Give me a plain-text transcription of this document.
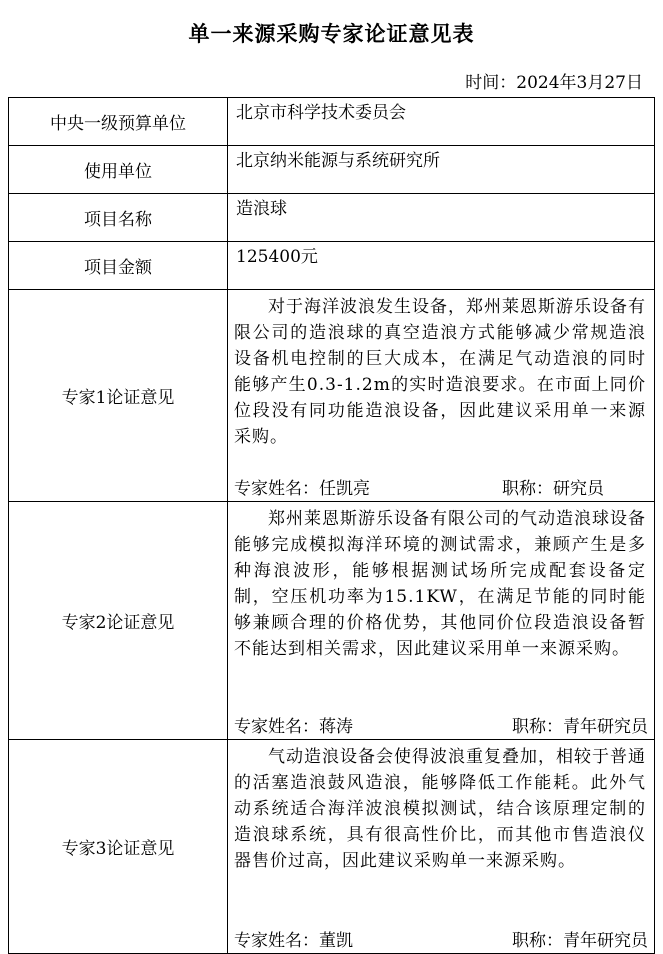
单一来源采购专家论证意见表
时间：2024年3月27日
中央一级预算单位	北京市科学技术委员会
使用单位	北京纳米能源与系统研究所
项目名称	造浪球
项目金额	125400元
专家1论证意见	对于海洋波浪发生设备，郑州莱恩斯游乐设备有限公司的造浪球的真空造浪方式能够减少常规造浪设备机电控制的巨大成本，在满足气动造浪的同时能够产生0.3-1.2m的实时造浪要求。在市面上同价位段没有同功能造浪设备，因此建议采用单一来源采购。
专家姓名：任凯亮 职称：研究员

专家2论证意见	郑州莱恩斯游乐设备有限公司的气动造浪球设备能够完成模拟海洋环境的测试需求，兼顾产生是多种海浪波形，能够根据测试场所完成配套设备定制，空压机功率为15.1KW，在满足节能的同时能够兼顾合理的价格优势，其他同价位段造浪设备暂不能达到相关需求，因此建议采用单一来源采购。
专家姓名：蒋涛 职称：青年研究员

专家3论证意见	气动造浪设备会使得波浪重复叠加，相较于普通的活塞造浪鼓风造浪，能够降低工作能耗。此外气动系统适合海洋波浪模拟测试，结合该原理定制的造浪球系统，具有很高性价比，而其他市售造浪仪器售价过高，因此建议采购单一来源采购。
专家姓名：董凯 职称：青年研究员
